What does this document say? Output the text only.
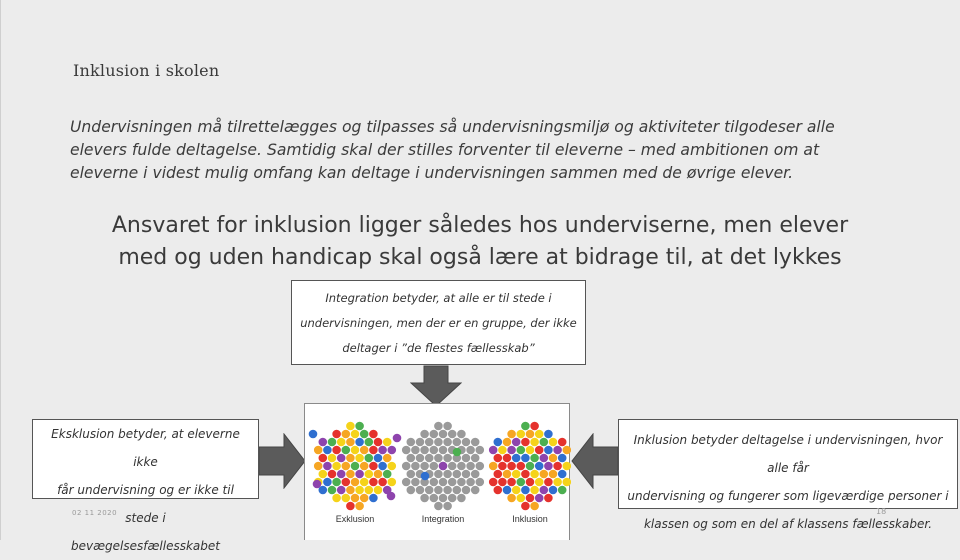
Inklusion i skolen
Undervisningen må tilrettelægges og tilpasses så undervisningsmiljø og aktiviteter tilgodeser alle
elevers fulde deltagelse. Samtidig skal der stilles forventer til eleverne – med ambitionen om at
eleverne i videst mulig omfang kan deltage i undervisningen sammen med de øvrige elever.
Ansvaret for inklusion ligger således hos underviserne, men elever
med og uden handicap skal også lære at bidrage til, at det lykkes
Integration betyder, at alle er til stede i
undervisningen, men der er en gruppe, der ikke
deltager i ”de flestes fællesskab”
Eksklusion betyder, at eleverne ikke
får undervisning og er ikke til stede i
bevægelsesfællesskabet
Inklusion betyder deltagelse i undervisningen, hvor alle får
undervisning og fungerer som ligeværdige personer i
klassen og som en del af klassens fællesskaber.
Exklusion	Integration	Inklusion
02 11 2020	18
